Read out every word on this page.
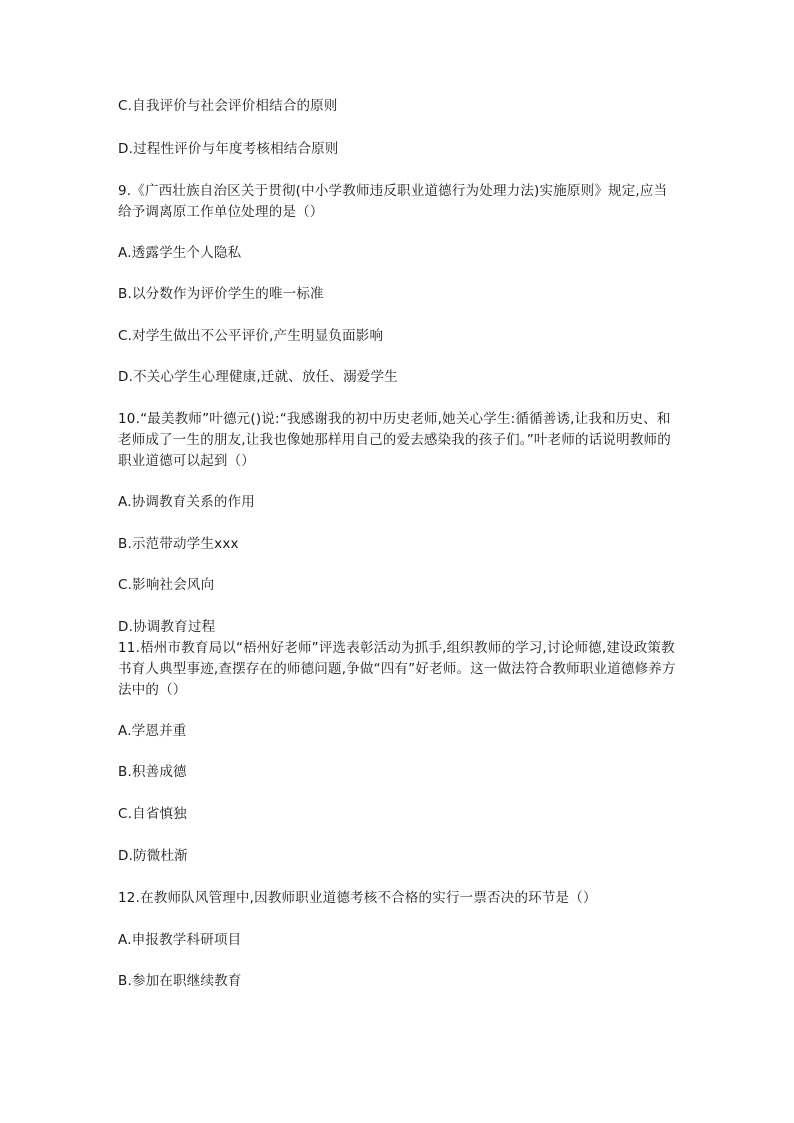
C.自我评价与社会评价相结合的原则
D.过程性评价与年度考核相结合原则
9.《广西壮族自治区关于贯彻(中小学教师违反职业道德行为处理力法)实施原则》规定,应当给予调离原工作单位处理的是（）
A.透露学生个人隐私
B.以分数作为评价学生的唯一标准
C.对学生做出不公平评价,产生明显负面影响
D.不关心学生心理健康,迁就、放任、溺爱学生
10.“最美教师”叶德元()说:“我感谢我的初中历史老师,她关心学生:循循善诱,让我和历史、和老师成了一生的朋友,让我也像她那样用自己的爱去感染我的孩子们。”叶老师的话说明教师的职业道德可以起到（）
A.协调教育关系的作用
B.示范带动学生xxx
C.影响社会风向
D.协调教育过程
11.梧州市教育局以“梧州好老师”评选表彰活动为抓手,组织教师的学习,讨论师德,建设政策教书育人典型事迹,查摆存在的师德问题,争做“四有”好老师。这一做法符合教师职业道德修养方法中的（）
A.学恩并重
B.积善成德
C.自省慎独
D.防微杜渐
12.在教师队风管理中,因教师职业道德考核不合格的实行一票否决的环节是（）
A.申报教学科研项目
B.参加在职继续教育
